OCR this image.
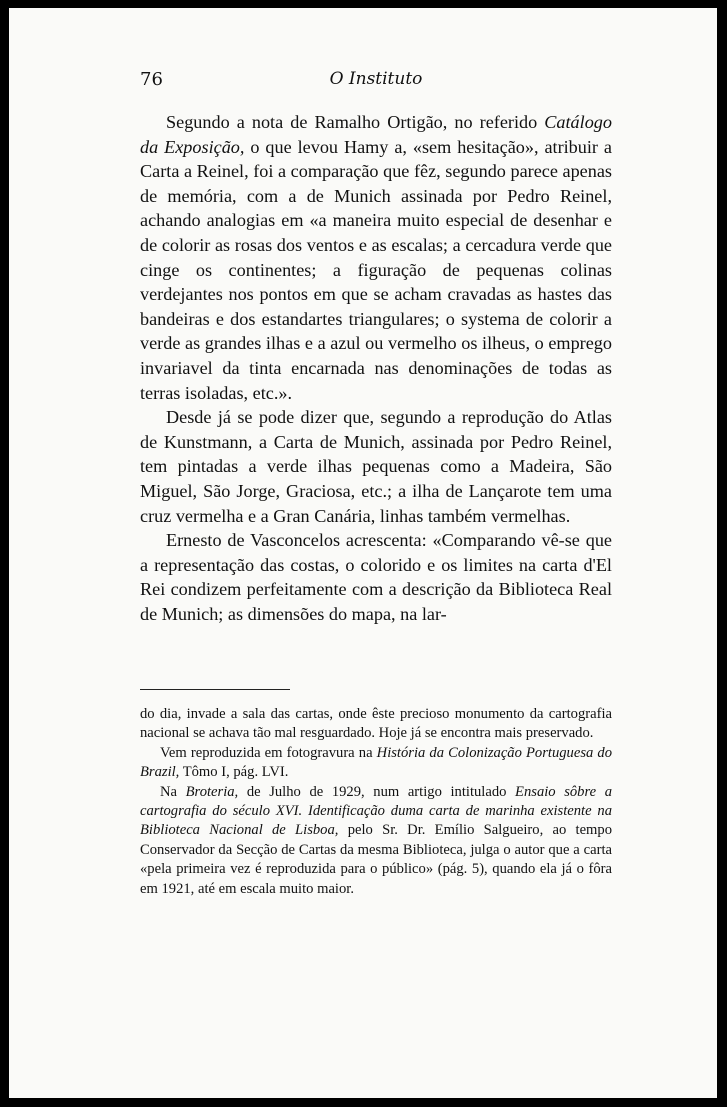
76	O Instituto

Segundo a nota de Ramalho Ortigão, no referido Catálogo da Exposição, o que levou Hamy a, «sem hesitação», atribuir a Carta a Reinel, foi a comparação que fêz, segundo parece apenas de memória, com a de Munich assinada por Pedro Reinel, achando analogias em «a maneira muito especial de desenhar e de colorir as rosas dos ventos e as escalas; a cercadura verde que cinge os continentes; a figuração de pequenas colinas verdejantes nos pontos em que se acham cravadas as hastes das bandeiras e dos estandartes triangulares; o systema de colorir a verde as grandes ilhas e a azul ou vermelho os ilheus, o emprego invariavel da tinta encarnada nas denominações de todas as terras isoladas, etc.».

Desde já se pode dizer que, segundo a reprodução do Atlas de Kunstmann, a Carta de Munich, assinada por Pedro Reinel, tem pintadas a verde ilhas pequenas como a Madeira, São Miguel, São Jorge, Graciosa, etc.; a ilha de Lançarote tem uma cruz vermelha e a Gran Canária, linhas também vermelhas.

Ernesto de Vasconcelos acrescenta: «Comparando vê-se que a representação das costas, o colorido e os limites na carta d'El Rei condizem perfeitamente com a descrição da Biblioteca Real de Munich; as dimensões do mapa, na lar-

do dia, invade a sala das cartas, onde êste precioso monumento da cartografia nacional se achava tão mal resguardado. Hoje já se encontra mais preservado.

Vem reproduzida em fotogravura na História da Colonização Portuguesa do Brazil, Tômo I, pág. LVI.

Na Broteria, de Julho de 1929, num artigo intitulado Ensaio sôbre a cartografia do século XVI. Identificação duma carta de marinha existente na Biblioteca Nacional de Lisboa, pelo Sr. Dr. Emílio Salgueiro, ao tempo Conservador da Secção de Cartas da mesma Biblioteca, julga o autor que a carta «pela primeira vez é reproduzida para o público» (pág. 5), quando ela já o fôra em 1921, até em escala muito maior.
